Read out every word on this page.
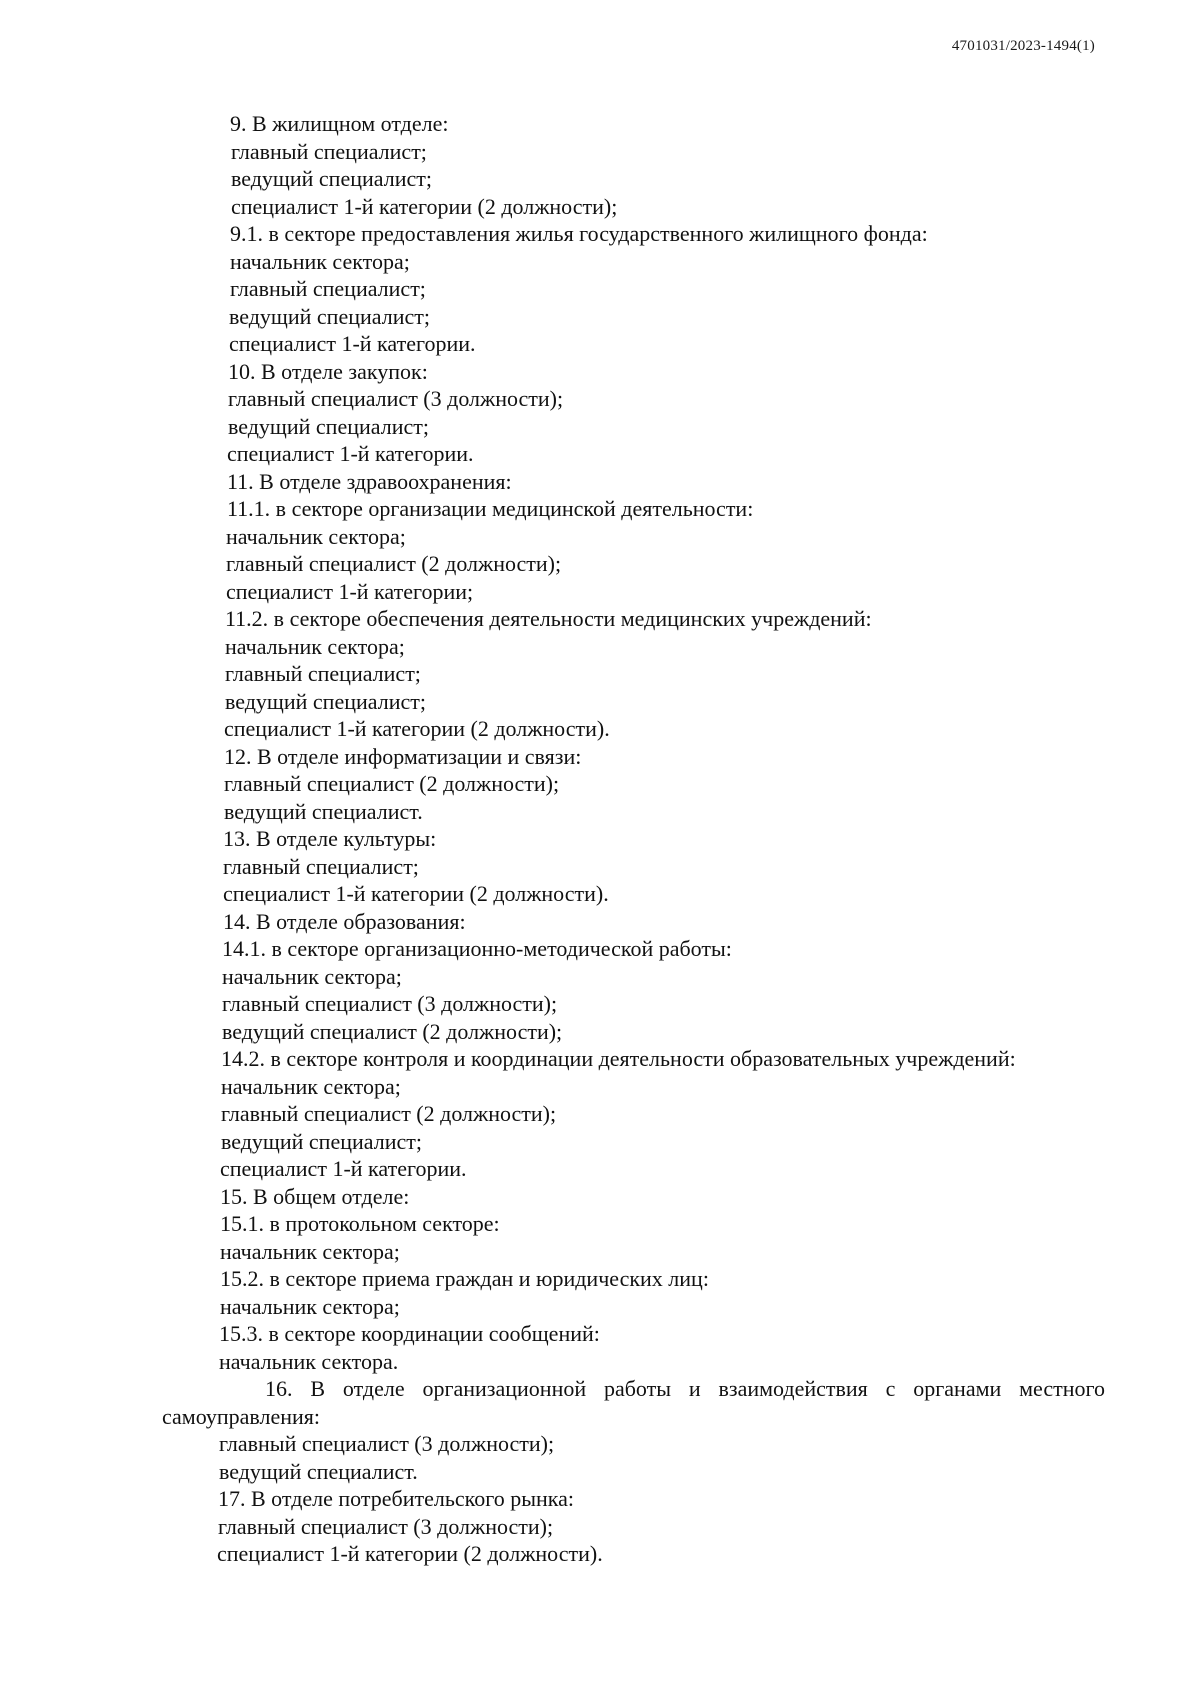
4701031/2023-1494(1)
9. В жилищном отделе:
главный специалист;
ведущий специалист;
специалист 1-й категории (2 должности);
9.1. в секторе предоставления жилья государственного жилищного фонда:
начальник сектора;
главный специалист;
ведущий специалист;
специалист 1-й категории.
10. В отделе закупок:
главный специалист (3 должности);
ведущий специалист;
специалист 1-й категории.
11. В отделе здравоохранения:
11.1. в секторе организации медицинской деятельности:
начальник сектора;
главный специалист (2 должности);
специалист 1-й категории;
11.2. в секторе обеспечения деятельности медицинских учреждений:
начальник сектора;
главный специалист;
ведущий специалист;
специалист 1-й категории (2 должности).
12. В отделе информатизации и связи:
главный специалист (2 должности);
ведущий специалист.
13. В отделе культуры:
главный специалист;
специалист 1-й категории (2 должности).
14. В отделе образования:
14.1. в секторе организационно-методической работы:
начальник сектора;
главный специалист (3 должности);
ведущий специалист (2 должности);
14.2. в секторе контроля и координации деятельности образовательных учреждений:
начальник сектора;
главный специалист (2 должности);
ведущий специалист;
специалист 1-й категории.
15. В общем отделе:
15.1. в протокольном секторе:
начальник сектора;
15.2. в секторе приема граждан и юридических лиц:
начальник сектора;
15.3. в секторе координации сообщений:
начальник сектора.
16. В отделе организационной работы и взаимодействия с органами местного
самоуправления:
главный специалист (3 должности);
ведущий специалист.
17. В отделе потребительского рынка:
главный специалист (3 должности);
специалист 1-й категории (2 должности).
